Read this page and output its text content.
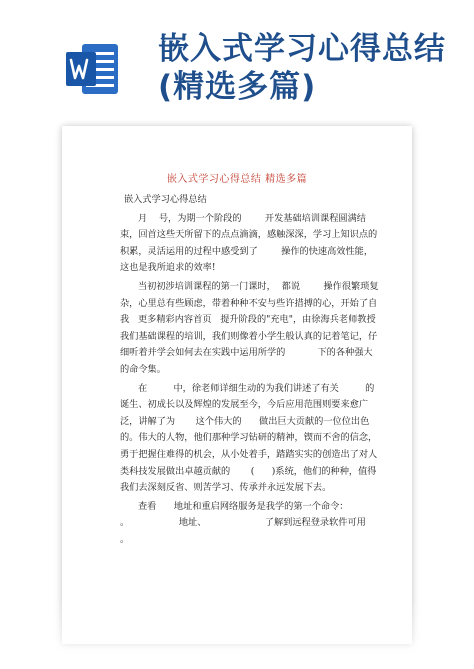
嵌入式学习心得总结(精选多篇)
嵌入式学习心得总结 精选多篇

嵌入式学习心得总结

月    号，为期一个阶段的        开发基础培训课程圆满结束，回首这些天所留下的点点滴滴，感触深深，学习上知识点的积累，灵活运用的过程中感受到了        操作的快速高效性能，这也是我所追求的效率!

当初初涉培训课程的第一门课时，  都说        操作很繁琐复杂，心里总有些顾虑，带着种种不安与些许措搏的心，开始了自我   更多精彩内容首页   提升阶段的"充电"，由徐海兵老师教授我们基础课程的培训，我们则像着小学生般认真的记着笔记，仔细听着并学会如何去在实践中运用所学的           下的各种强大的命令集。

在         中，徐老师详细生动的为我们讲述了有关         的诞生、初成长以及辉煌的发展至今，今后应用范围则要来愈广泛，讲解了为       这个伟大的      做出巨大贡献的一位位出色的。伟大的人物，他们那种学习钻研的精神，锲而不舍的信念，勇于把握住难得的机会，从小处着手，踏踏实实的创造出了对人类科技发展做出卓越贡献的       (      )系统，他们的种种，值得我们去深刻反省、则苦学习、传承并永远发展下去。

查看      地址和重启网络服务是我学的第一个命令：                        。                 地址、                    了解到远程登录软件可用                             。
